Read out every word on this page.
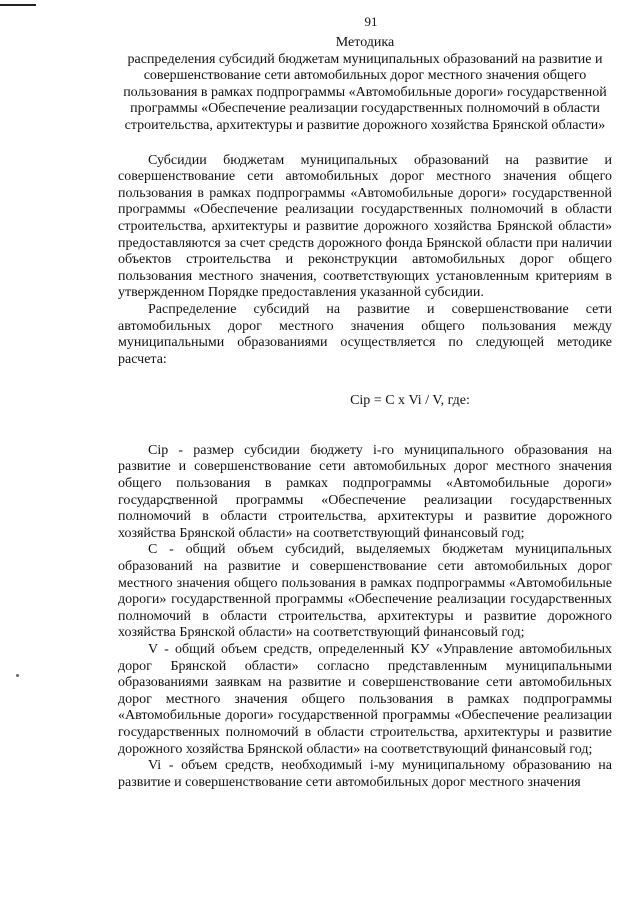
91
Методика
распределения субсидий бюджетам муниципальных образований на развитие и совершенствование сети автомобильных дорог местного значения общего пользования в рамках подпрограммы «Автомобильные дороги» государственной программы «Обеспечение реализации государственных полномочий в области строительства, архитектуры и развитие дорожного хозяйства Брянской области»

Субсидии бюджетам муниципальных образований на развитие и совершенствование сети автомобильных дорог местного значения общего пользования в рамках подпрограммы «Автомобильные дороги» государственной программы «Обеспечение реализации государственных полномочий в области строительства, архитектуры и развитие дорожного хозяйства Брянской области» предоставляются за счет средств дорожного фонда Брянской области при наличии объектов строительства и реконструкции автомобильных дорог общего пользования местного значения, соответствующих установленным критериям в утвержденном Порядке предоставления указанной субсидии.

Распределение субсидий на развитие и совершенствование сети автомобильных дорог местного значения общего пользования между муниципальными образованиями осуществляется по следующей методике расчета:

Сiр = С х Vi / V, где:

Сiр - размер субсидии бюджету i-го муниципального образования на развитие и совершенствование сети автомобильных дорог местного значения общего пользования в рамках подпрограммы «Автомобильные дороги» государственной программы «Обеспечение реализации государственных полномочий в области строительства, архитектуры и развитие дорожного хозяйства Брянской области» на соответствующий финансовый год;

С - общий объем субсидий, выделяемых бюджетам муниципальных образований на развитие и совершенствование сети автомобильных дорог местного значения общего пользования в рамках подпрограммы «Автомобильные дороги» государственной программы «Обеспечение реализации государственных полномочий в области строительства, архитектуры и развитие дорожного хозяйства Брянской области» на соответствующий финансовый год;

V - общий объем средств, определенный КУ «Управление автомобильных дорог Брянской области» согласно представленным муниципальными образованиями заявкам на развитие и совершенствование сети автомобильных дорог местного значения общего пользования в рамках подпрограммы «Автомобильные дороги» государственной программы «Обеспечение реализации государственных полномочий в области строительства, архитектуры и развитие дорожного хозяйства Брянской области» на соответствующий финансовый год;

Vi - объем средств, необходимый i-му муниципальному образованию на развитие и совершенствование сети автомобильных дорог местного значения
